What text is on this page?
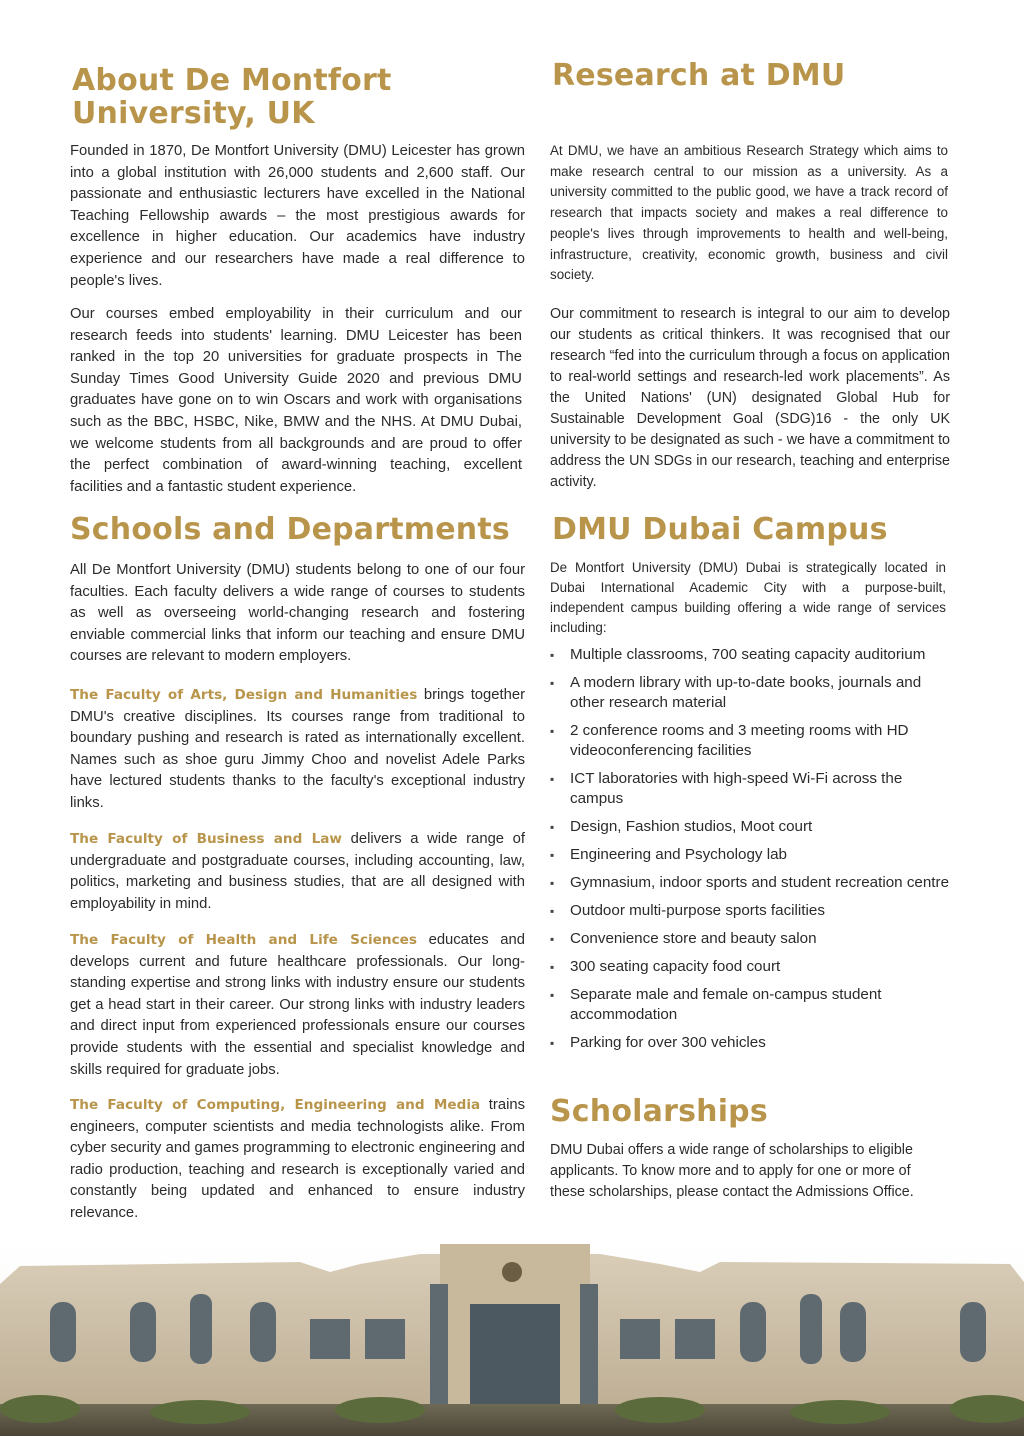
About De Montfort
University, UK

Founded in 1870, De Montfort University (DMU) Leicester has grown into a global institution with 26,000 students and 2,600 staff. Our passionate and enthusiastic lecturers have excelled in the National Teaching Fellowship awards – the most prestigious awards for excellence in higher education. Our academics have industry experience and our researchers have made a real difference to people's lives.

Our courses embed employability in their curriculum and our research feeds into students' learning. DMU Leicester has been ranked in the top 20 universities for graduate prospects in The Sunday Times Good University Guide 2020 and previous DMU graduates have gone on to win Oscars and work with organisations such as the BBC, HSBC, Nike, BMW and the NHS. At DMU Dubai, we welcome students from all backgrounds and are proud to offer the perfect combination of award-winning teaching, excellent facilities and a fantastic student experience.

Schools and Departments

All De Montfort University (DMU) students belong to one of our four faculties. Each faculty delivers a wide range of courses to students as well as overseeing world-changing research and fostering enviable commercial links that inform our teaching and ensure DMU courses are relevant to modern employers.

The Faculty of Arts, Design and Humanities brings together DMU's creative disciplines. Its courses range from traditional to boundary pushing and research is rated as internationally excellent. Names such as shoe guru Jimmy Choo and novelist Adele Parks have lectured students thanks to the faculty's exceptional industry links.

The Faculty of Business and Law delivers a wide range of undergraduate and postgraduate courses, including accounting, law, politics, marketing and business studies, that are all designed with employability in mind.

The Faculty of Health and Life Sciences educates and develops current and future healthcare professionals. Our long-standing expertise and strong links with industry ensure our students get a head start in their career. Our strong links with industry leaders and direct input from experienced professionals ensure our courses provide students with the essential and specialist knowledge and skills required for graduate jobs.

The Faculty of Computing, Engineering and Media trains engineers, computer scientists and media technologists alike. From cyber security and games programming to electronic engineering and radio production, teaching and research is exceptionally varied and constantly being updated and enhanced to ensure industry relevance.

Research at DMU

At DMU, we have an ambitious Research Strategy which aims to make research central to our mission as a university. As a university committed to the public good, we have a track record of research that impacts society and makes a real difference to people's lives through improvements to health and well-being, infrastructure, creativity, economic growth, business and civil society.

Our commitment to research is integral to our aim to develop our students as critical thinkers. It was recognised that our research “fed into the curriculum through a focus on application to real-world settings and research-led work placements”. As the United Nations' (UN) designated Global Hub for Sustainable Development Goal (SDG)16 - the only UK university to be designated as such - we have a commitment to address the UN SDGs in our research, teaching and enterprise activity.

DMU Dubai Campus

De Montfort University (DMU) Dubai is strategically located in Dubai International Academic City with a purpose-built, independent campus building offering a wide range of services including:

▪ Multiple classrooms, 700 seating capacity auditorium
▪ A modern library with up-to-date books, journals and other research material
▪ 2 conference rooms and 3 meeting rooms with HD videoconferencing facilities
▪ ICT laboratories with high-speed Wi-Fi across the campus
▪ Design, Fashion studios, Moot court
▪ Engineering and Psychology lab
▪ Gymnasium, indoor sports and student recreation centre
▪ Outdoor multi-purpose sports facilities
▪ Convenience store and beauty salon
▪ 300 seating capacity food court
▪ Separate male and female on-campus student accommodation
▪ Parking for over 300 vehicles
Scholarships

DMU Dubai offers a wide range of scholarships to eligible applicants. To know more and to apply for one or more of these scholarships, please contact the Admissions Office.
